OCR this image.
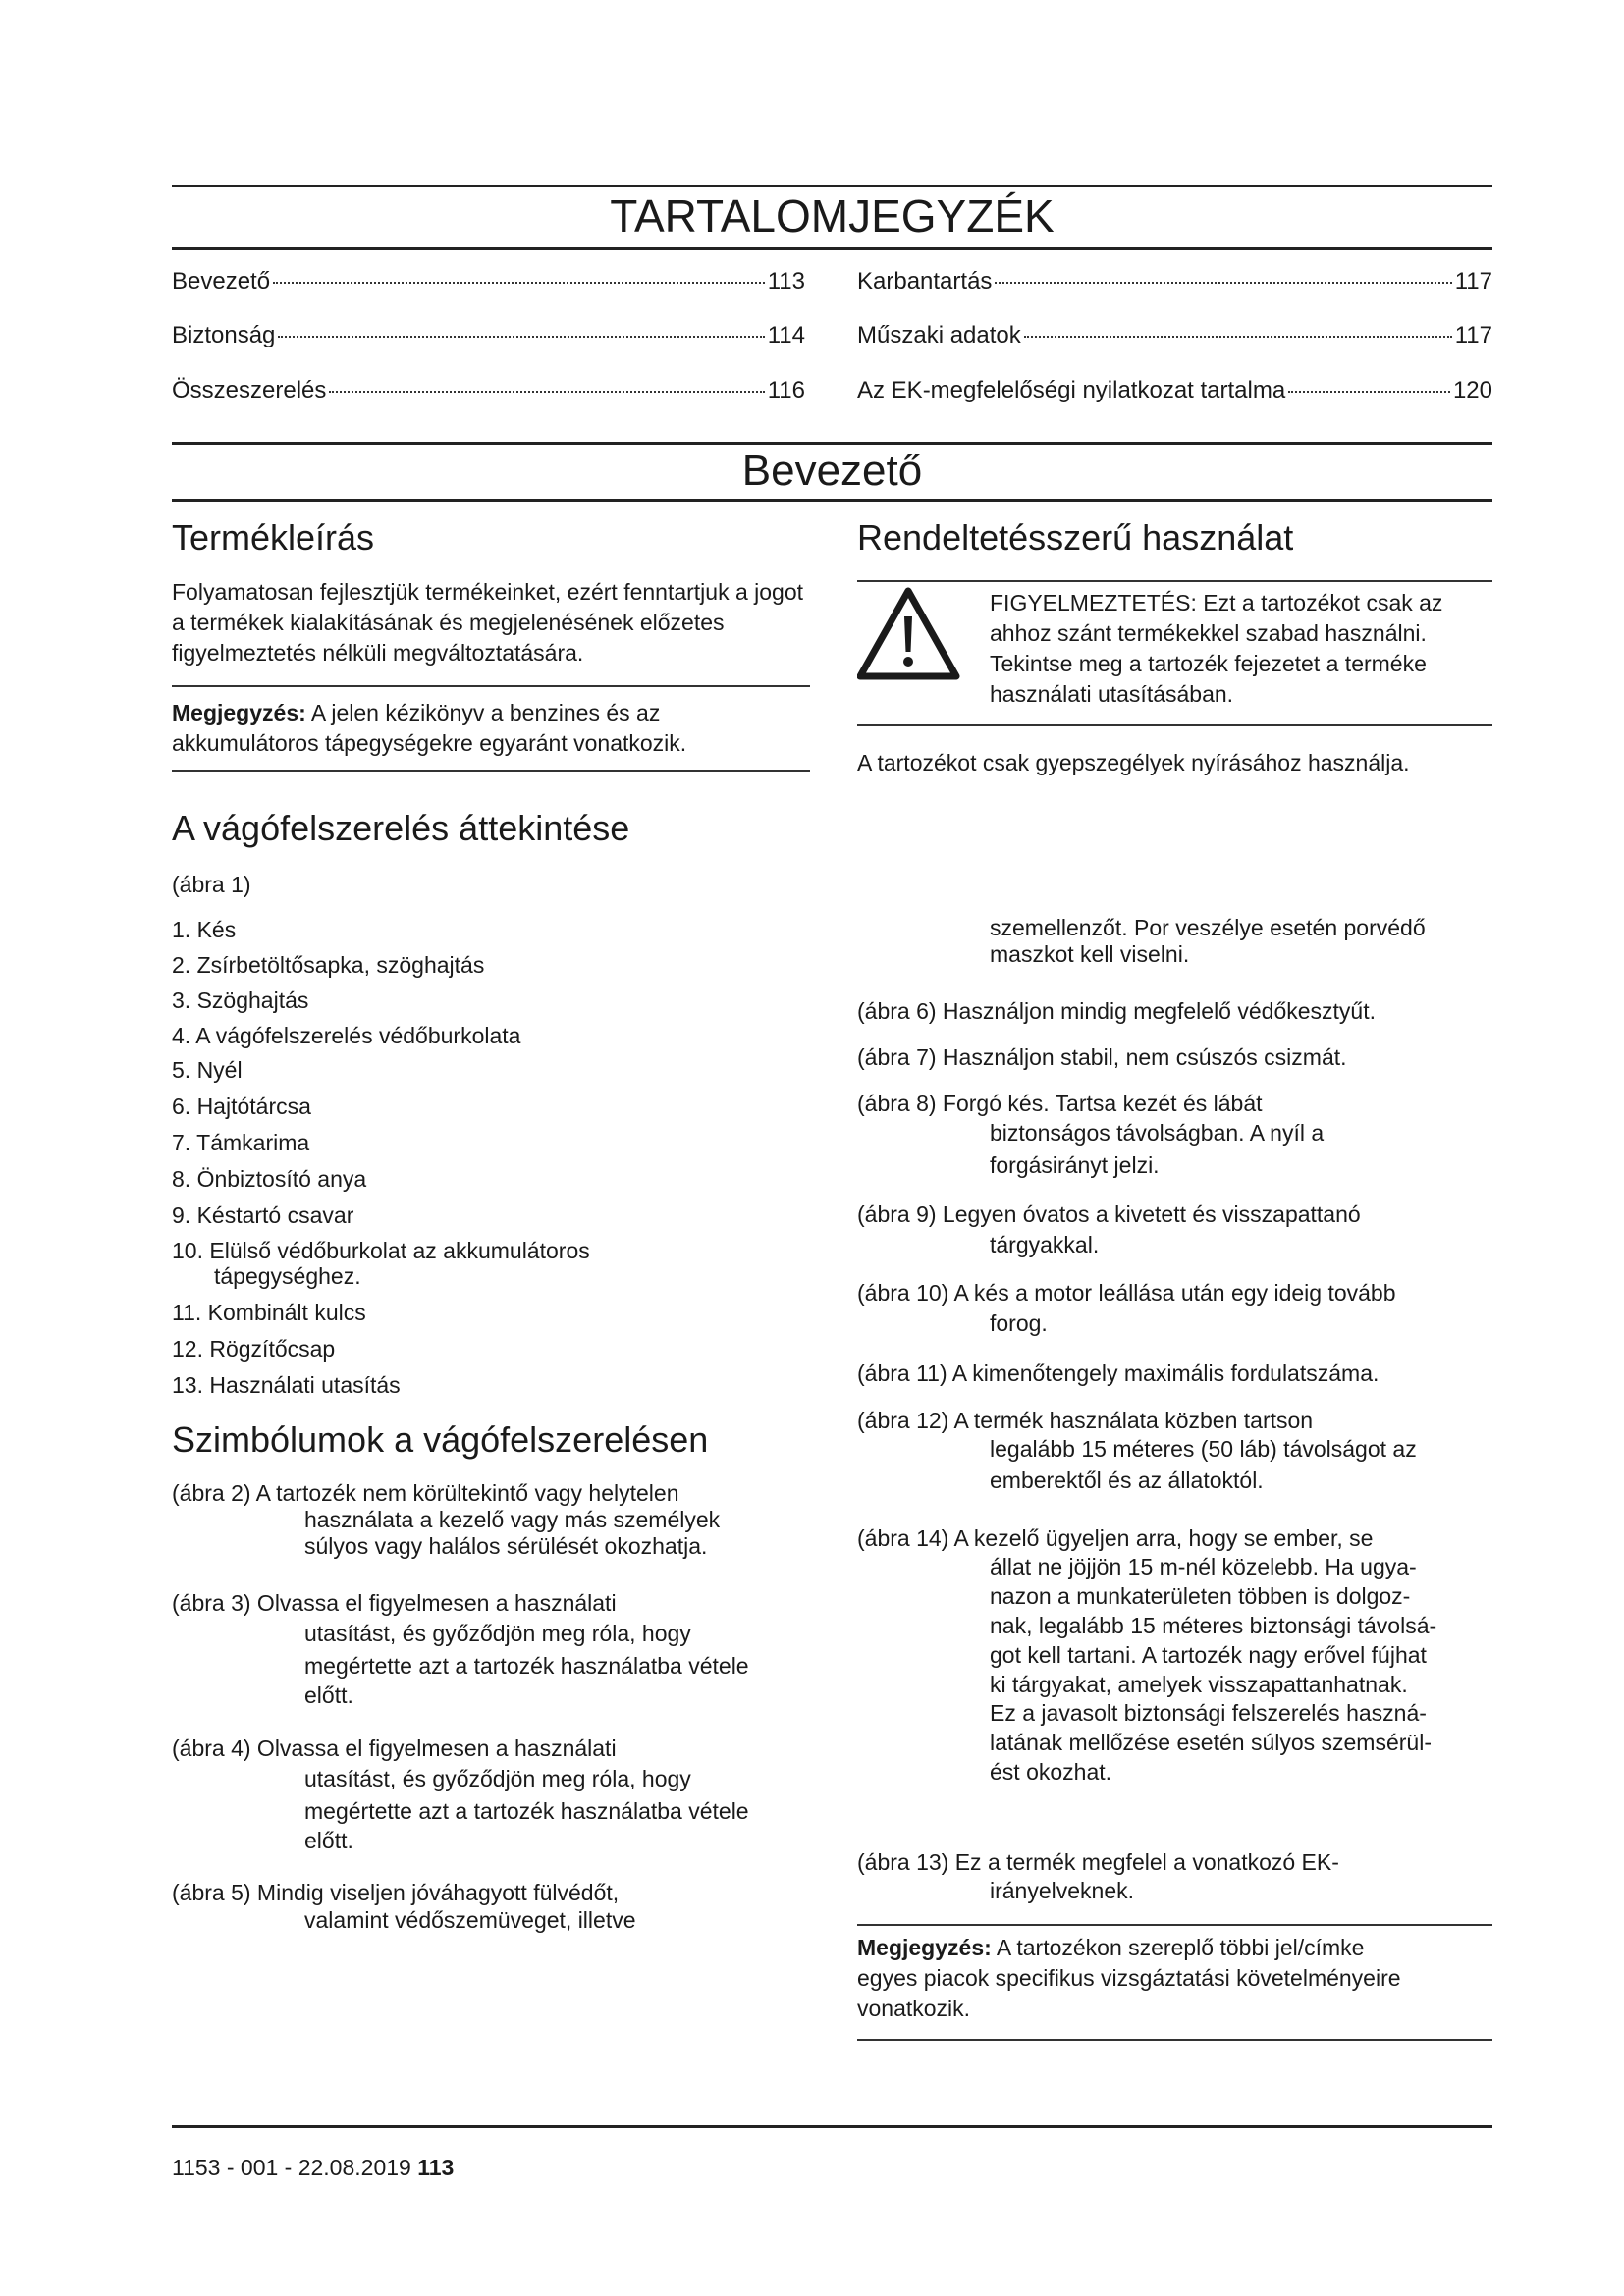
TARTALOMJEGYZÉK
Bevezető	113
Biztonság	114
Összeszerelés	116
Karbantartás	117
Műszaki adatok	117
Az EK-megfelelőségi nyilatkozat tartalma	120
Bevezető
Termékleírás

Folyamatosan fejlesztjük termékeinket, ezért fenntartjuk a jogot a termékek kialakításának és megjelenésének előzetes figyelmeztetés nélküli megváltoztatására.

Megjegyzés: A jelen kézikönyv a benzines és az akkumulátoros tápegységekre egyaránt vonatkozik.

Rendeltetésszerű használat
FIGYELMEZTETÉS: Ezt a tartozékot csak az ahhoz szánt termékekkel szabad használni. Tekintse meg a tartozék fejezetet a terméke használati utasításában.

A tartozékot csak gyepszegélyek nyírásához használja.

A vágófelszerelés áttekintése
(ábra 1)
1. Kés
2. Zsírbetöltősapka, szöghajtás
3. Szöghajtás
4. A vágófelszerelés védőburkolata
5. Nyél
6. Hajtótárcsa
7. Támkarima
8. Önbiztosító anya
9. Késtartó csavar
10. Elülső védőburkolat az akkumulátoros
tápegységhez.
11. Kombinált kulcs
12. Rögzítőcsap
13. Használati utasítás
Szimbólumok a vágófelszerelésen
(ábra 2) A tartozék nem körültekintő vagy helytelen
használata a kezelő vagy más személyek
súlyos vagy halálos sérülését okozhatja.
(ábra 3) Olvassa el figyelmesen a használati
utasítást, és győződjön meg róla, hogy
megértette azt a tartozék használatba vétele
előtt.
(ábra 4) Olvassa el figyelmesen a használati
utasítást, és győződjön meg róla, hogy
megértette azt a tartozék használatba vétele
előtt.
(ábra 5) Mindig viseljen jóváhagyott fülvédőt,
valamint védőszemüveget, illetve
szemellenzőt. Por veszélye esetén porvédő
maszkot kell viselni.
(ábra 6) Használjon mindig megfelelő védőkesztyűt.
(ábra 7) Használjon stabil, nem csúszós csizmát.
(ábra 8) Forgó kés. Tartsa kezét és lábát
biztonságos távolságban. A nyíl a
forgásirányt jelzi.
(ábra 9) Legyen óvatos a kivetett és visszapattanó
tárgyakkal.
(ábra 10) A kés a motor leállása után egy ideig tovább
forog.
(ábra 11) A kimenőtengely maximális fordulatszáma.
(ábra 12) A termék használata közben tartson
legalább 15 méteres (50 láb) távolságot az
emberektől és az állatoktól.
(ábra 14) A kezelő ügyeljen arra, hogy se ember, se
állat ne jöjjön 15 m-nél közelebb. Ha ugya-
nazon a munkaterületen többen is dolgoz-
nak, legalább 15 méteres biztonsági távolsá-
got kell tartani. A tartozék nagy erővel fújhat
ki tárgyakat, amelyek visszapattanhatnak.
Ez a javasolt biztonsági felszerelés haszná-
latának mellőzése esetén súlyos szemsérül-
ést okozhat.
(ábra 13) Ez a termék megfelel a vonatkozó EK-
irányelveknek.
Megjegyzés: A tartozékon szereplő többi jel/címke
egyes piacok specifikus vizsgáztatási követelményeire
vonatkozik.
1153 - 001 - 22.08.2019 113
